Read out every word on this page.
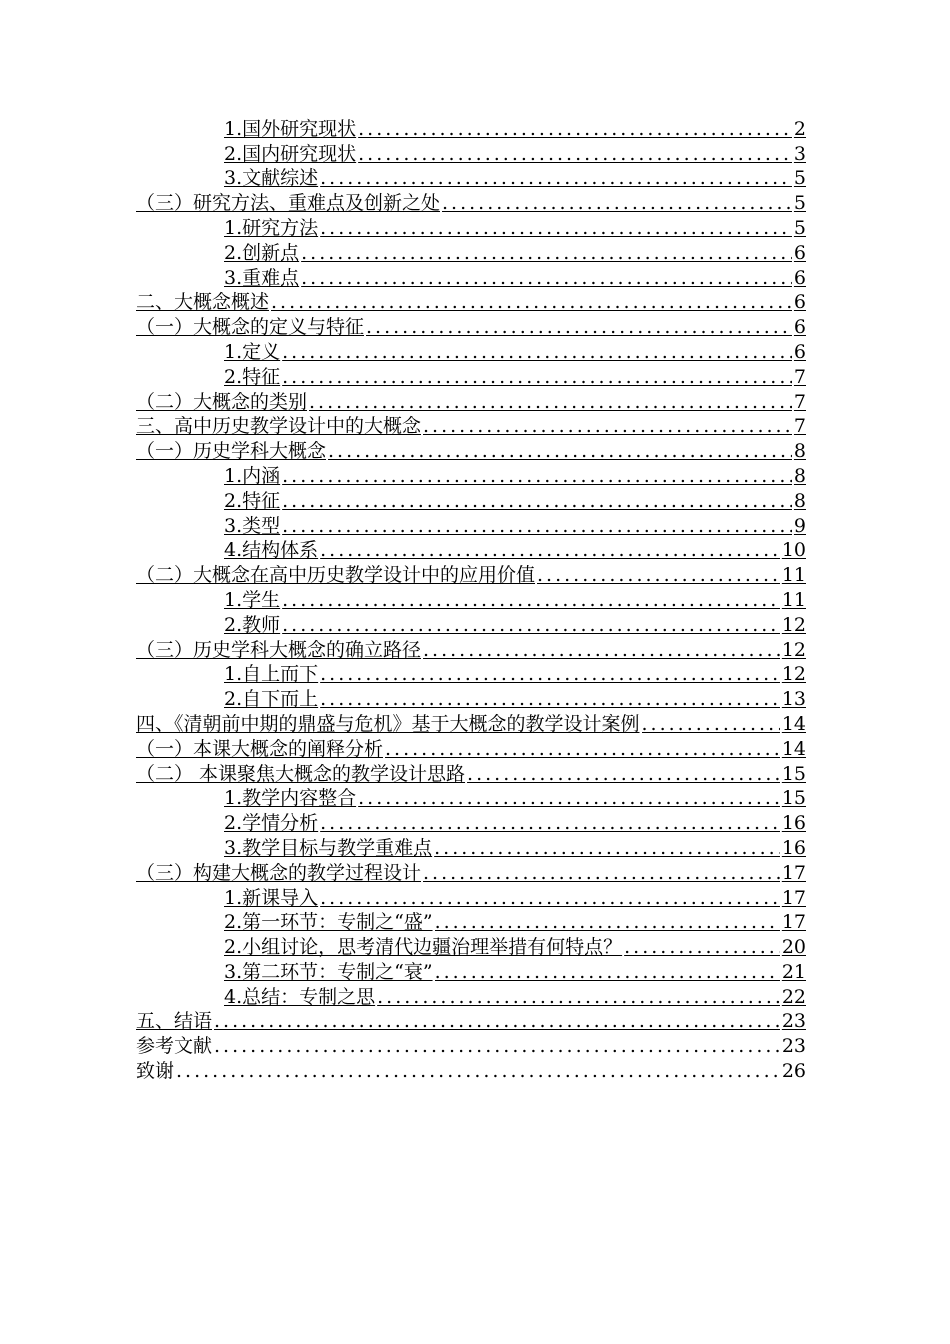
1.国外研究现状 .....	2
2.国内研究现状 .....	3
3.文献综述 .....	5
（三）研究方法、重难点及创新之处 .....	5
1.研究方法 .....	5
2.创新点 .....	6
3.重难点 .....	6
二、大概念概述 .....	6
（一）大概念的定义与特征 .....	6
1.定义 .....	6
2.特征 .....	7
（二）大概念的类别 .....	7
三、高中历史教学设计中的大概念 .....	7
（一）历史学科大概念 .....	8
1.内涵 .....	8
2.特征 .....	8
3.类型 .....	9
4.结构体系 .....	10
（二）大概念在高中历史教学设计中的应用价值 .....	11
1.学生 .....	11
2.教师 .....	12
（三）历史学科大概念的确立路径 .....	12
1.自上而下 .....	12
2.自下而上 .....	13
四、《清朝前中期的鼎盛与危机》基于大概念的教学设计案例 .....	14
（一）本课大概念的阐释分析 .....	14
（二） 本课聚焦大概念的教学设计思路 .....	15
1.教学内容整合 .....	15
2.学情分析 .....	16
3.教学目标与教学重难点 .....	16
（三）构建大概念的教学过程设计 .....	17
1.新课导入 .....	17
2.第一环节：专制之“盛” .....	17
2.小组讨论，思考清代边疆治理举措有何特点？ .....	20
3.第二环节：专制之“衰” .....	21
4.总结：专制之思 .....	22
五、结语 .....	23
参考文献 .....	23
致谢 .....	26
